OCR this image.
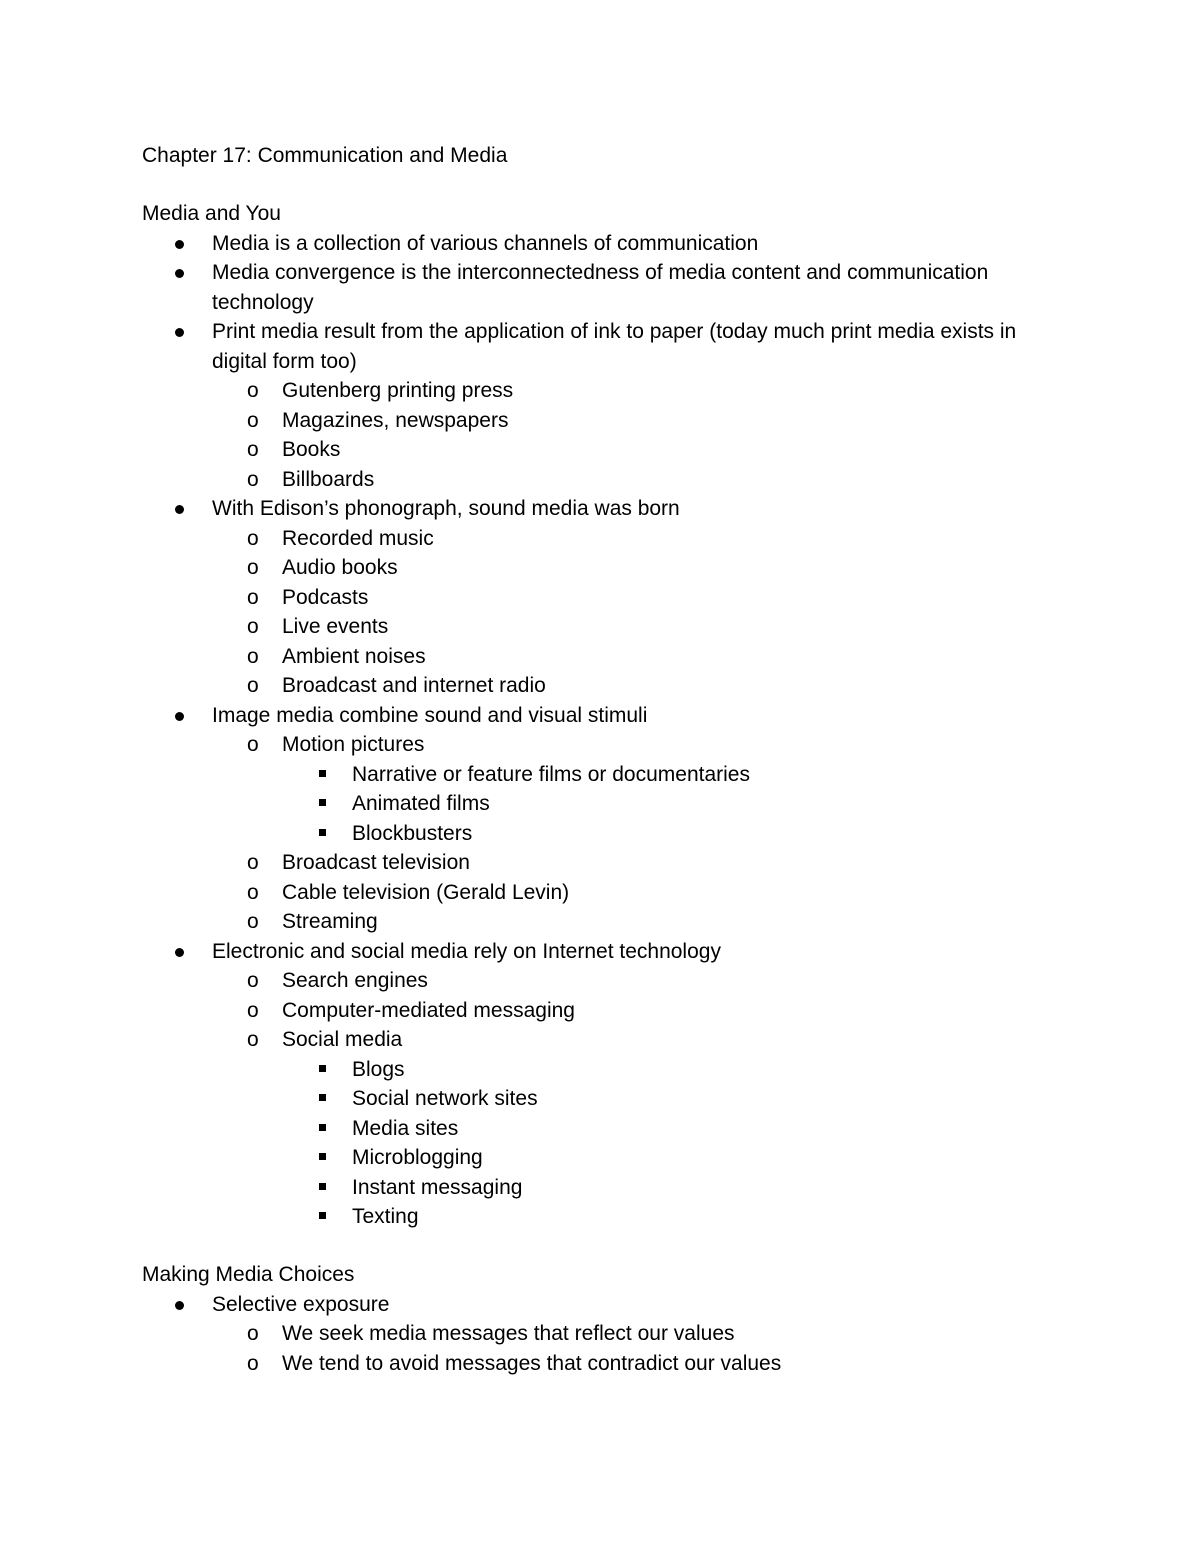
Chapter 17: Communication and Media
Media and You
Media is a collection of various channels of communication
Media convergence is the interconnectedness of media content and communication technology
Print media result from the application of ink to paper (today much print media exists in digital form too)
o Gutenberg printing press
o Magazines, newspapers
o Books
o Billboards
With Edison’s phonograph, sound media was born
o Recorded music
o Audio books
o Podcasts
o Live events
o Ambient noises
o Broadcast and internet radio
Image media combine sound and visual stimuli
o Motion pictures
Narrative or feature films or documentaries
Animated films
Blockbusters
o Broadcast television
o Cable television (Gerald Levin)
o Streaming
Electronic and social media rely on Internet technology
o Search engines
o Computer-mediated messaging
o Social media
Blogs
Social network sites
Media sites
Microblogging
Instant messaging
Texting
Making Media Choices
Selective exposure
o We seek media messages that reflect our values
o We tend to avoid messages that contradict our values
